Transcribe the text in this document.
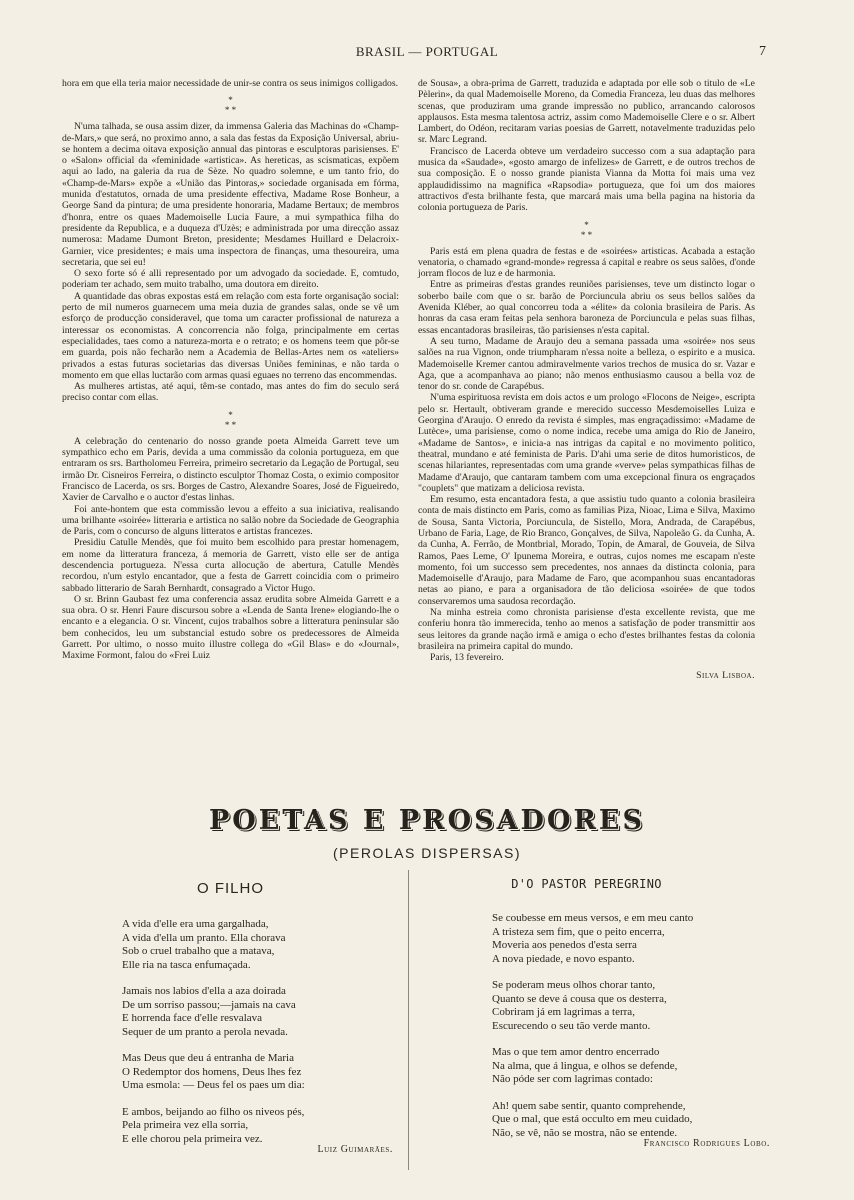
BRASIL — PORTUGAL	7

hora em que ella teria maior necessidade de unir-se contra os seus inimigos colligados.

*
* *

N'uma talhada, se ousa assim dizer, da immensa Galeria das Machinas do «Champ-de-Mars,» que será, no proximo anno, a sala das festas da Exposição Universal, abriu-se hontem a decima oitava exposição annual das pintoras e esculptoras parisienses. E' o «Salon» official da «feminidade «artistica». As hereticas, as scismaticas, expõem aqui ao lado, na galeria da rua de Sèze. No quadro solemne, e um tanto frio, do «Champ-de-Mars» expõe a «União das Pintoras,» sociedade organisada em fórma, munida d'estatutos, ornada de uma presidente effectiva, Madame Rose Bonheur, a George Sand da pintura; de uma presidente honoraria, Madame Bertaux; de membros d'honra, entre os quaes Mademoiselle Lucia Faure, a mui sympathica filha do presidente da Republica, e a duqueza d'Uzès; e administrada por uma direcção assaz numerosa: Madame Dumont Breton, presidente; Mesdames Huillard e Delacroix-Garnier, vice presidentes; e mais uma inspectora de finanças, uma thesoureira, uma secretaria, que sei eu!

O sexo forte só é alli representado por um advogado da sociedade. E, comtudo, poderiam ter achado, sem muito trabalho, uma doutora em direito.

A quantidade das obras expostas está em relação com esta forte organisação social: perto de mil numeros guarnecem uma meia duzia de grandes salas, onde se vê um esforço de producção consideravel, que toma um caracter profissional de natureza a interessar os economistas. A concorrencia não folga, principalmente em certas especialidades, taes como a natureza-morta e o retrato; e os homens teem que pôr-se em guarda, pois não fecharão nem a Academia de Bellas-Artes nem os «ateliers» privados a estas futuras societarias das diversas Uniões femininas, e não tarda o momento em que ellas luctarão com armas quasi eguaes no terreno das encommendas.

As mulheres artistas, até aqui, têm-se contado, mas antes do fim do seculo será preciso contar com ellas.

*
* *

A celebração do centenario do nosso grande poeta Almeida Garrett teve um sympathico echo em Paris, devida a uma commissão da colonia portugueza, em que entraram os srs. Bartholomeu Ferreira, primeiro secretario da Legação de Portugal, seu irmão Dr. Cisneiros Ferreira, o distincto esculptor Thomaz Costa, o eximio compositor Francisco de Lacerda, os srs. Borges de Castro, Alexandre Soares, José de Figueiredo, Xavier de Carvalho e o auctor d'estas linhas.

Foi ante-hontem que esta commissão levou a effeito a sua iniciativa, realisando uma brilhante «soirée» litteraria e artistica no salão nobre da Sociedade de Geographia de Paris, com o concurso de alguns litteratos e artistas francezes.

Presidiu Catulle Mendès, que foi muito bem escolhido para prestar homenagem, em nome da litteratura franceza, á memoria de Garrett, visto elle ser de antiga descendencia portugueza. N'essa curta allocução de abertura, Catulle Mendès recordou, n'um estylo encantador, que a festa de Garrett coincidia com o primeiro sabbado litterario de Sarah Bernhardt, consagrado a Victor Hugo.

O sr. Brinn Gaubast fez uma conferencia assaz erudita sobre Almeida Garrett e a sua obra. O sr. Henri Faure discursou sobre a «Lenda de Santa Irene» elogiando-lhe o encanto e a elegancia. O sr. Vincent, cujos trabalhos sobre a litteratura peninsular são bem conhecidos, leu um substancial estudo sobre os predecessores de Almeida Garrett. Por ultimo, o nosso muito illustre collega do «Gil Blas» e do «Journal», Maxime Formont, falou do «Frei Luiz

de Sousa», a obra-prima de Garrett, traduzida e adaptada por elle sob o titulo de «Le Pèlerin», da qual Mademoiselle Moreno, da Comedia Franceza, leu duas das melhores scenas, que produziram uma grande impressão no publico, arrancando calorosos applausos. Esta mesma talentosa actriz, assim como Mademoiselle Clere e o sr. Albert Lambert, do Odéon, recitaram varias poesias de Garrett, notavelmente traduzidas pelo sr. Marc Legrand.

Francisco de Lacerda obteve um verdadeiro successo com a sua adaptação para musica da «Saudade», «gosto amargo de infelizes» de Garrett, e de outros trechos de sua composição. E o nosso grande pianista Vianna da Motta foi mais uma vez applaudidissimo na magnifica «Rapsodia» portugueza, que foi um dos maiores attractivos d'esta brilhante festa, que marcará mais uma bella pagina na historia da colonia portugueza de Paris.

*
* *

Paris está em plena quadra de festas e de «soirées» artisticas. Acabada a estação venatoria, o chamado «grand-monde» regressa á capital e reabre os seus salões, d'onde jorram flocos de luz e de harmonia.

Entre as primeiras d'estas grandes reuniões parisienses, teve um distincto logar o soberbo baile com que o sr. barão de Porciuncula abriu os seus bellos salões da Avenida Kléber, ao qual concorreu toda a «élite» da colonia brasileira de Paris. As honras da casa eram feitas pela senhora baroneza de Porciuncula e pelas suas filhas, essas encantadoras brasileiras, tão parisienses n'esta capital.

A seu turno, Madame de Araujo deu a semana passada uma «soirée» nos seus salões na rua Vignon, onde triumpharam n'essa noite a belleza, o espirito e a musica. Mademoiselle Kremer cantou admiravelmente varios trechos de musica do sr. Vazar e Aga, que a acompanhava ao piano; não menos enthusiasmo causou a bella voz de tenor do sr. conde de Carapébus.

N'uma espirituosa revista em dois actos e um prologo «Flocons de Neige», escripta pelo sr. Hertault, obtiveram grande e merecido successo Mesdemoiselles Luiza e Georgina d'Araujo. O enredo da revista é simples, mas engraçadissimo: «Madame de Lutèce», uma parisiense, como o nome indica, recebe uma amiga do Rio de Janeiro, «Madame de Santos», e inicia-a nas intrigas da capital e no movimento politico, theatral, mundano e até feminista de Paris. D'ahi uma serie de ditos humoristicos, de scenas hilariantes, representadas com uma grande «verve» pelas sympathicas filhas de Madame d'Araujo, que cantaram tambem com uma excepcional finura os engraçados "couplets" que matizam a deliciosa revista.

Em resumo, esta encantadora festa, a que assistiu tudo quanto a colonia brasileira conta de mais distincto em Paris, como as familias Piza, Nioac, Lima e Silva, Maximo de Sousa, Santa Victoria, Porciuncula, de Sistello, Mora, Andrada, de Carapébus, Urbano de Faria, Lage, de Rio Branco, Gonçalves, de Silva, Napoleão G. da Cunha, A. da Cunha, A. Ferrão, de Montbrial, Morado, Topin, de Amaral, de Gouveia, de Silva Ramos, Paes Leme, O' Ipunema Moreira, e outras, cujos nomes me escapam n'este momento, foi um successo sem precedentes, nos annaes da distincta colonia, para Mademoiselle d'Araujo, para Madame de Faro, que acompanhou suas encantadoras netas ao piano, e para a organisadora de tão deliciosa «soirée» de que todos conservaremos uma saudosa recordação.

Na minha estreia como chronista parisiense d'esta excellente revista, que me conferiu honra tão immerecida, tenho ao menos a satisfação de poder transmittir aos seus leitores da grande nação irmã e amiga o echo d'estes brilhantes festas da colonia brasileira na primeira capital do mundo.

Paris, 13 fevereiro.

Silva Lisboa.
POETAS E PROSADORES
(PEROLAS DISPERSAS)
O FILHO	D'O PASTOR PEREGRINO
A vida d'elle era uma gargalhada,
A vida d'ella um pranto. Ella chorava
Sob o cruel trabalho que a matava,
Elle ria na tasca enfumaçada.
Jamais nos labios d'ella a aza doirada
De um sorriso passou;—jamais na cava
E horrenda face d'elle resvalava
Sequer de um pranto a perola nevada.
Mas Deus que deu á entranha de Maria
O Redemptor dos homens, Deus lhes fez
Uma esmola: — Deus fel os paes um dia:
E ambos, beijando ao filho os niveos pés,
Pela primeira vez ella sorria,
E elle chorou pela primeira vez.
Luiz Guimarães.
Se coubesse em meus versos, e em meu canto
A tristeza sem fim, que o peito encerra,
Moveria aos penedos d'esta serra
A nova piedade, e novo espanto.
Se poderam meus olhos chorar tanto,
Quanto se deve á cousa que os desterra,
Cobriram já em lagrimas a terra,
Escurecendo o seu tão verde manto.
Mas o que tem amor dentro encerrado
Na alma, que á lingua, e olhos se defende,
Não póde ser com lagrimas contado:
Ah! quem sabe sentir, quanto comprehende,
Que o mal, que está occulto em meu cuidado,
Não, se vê, não se mostra, não se entende.
Francisco Rodrigues Lobo.
